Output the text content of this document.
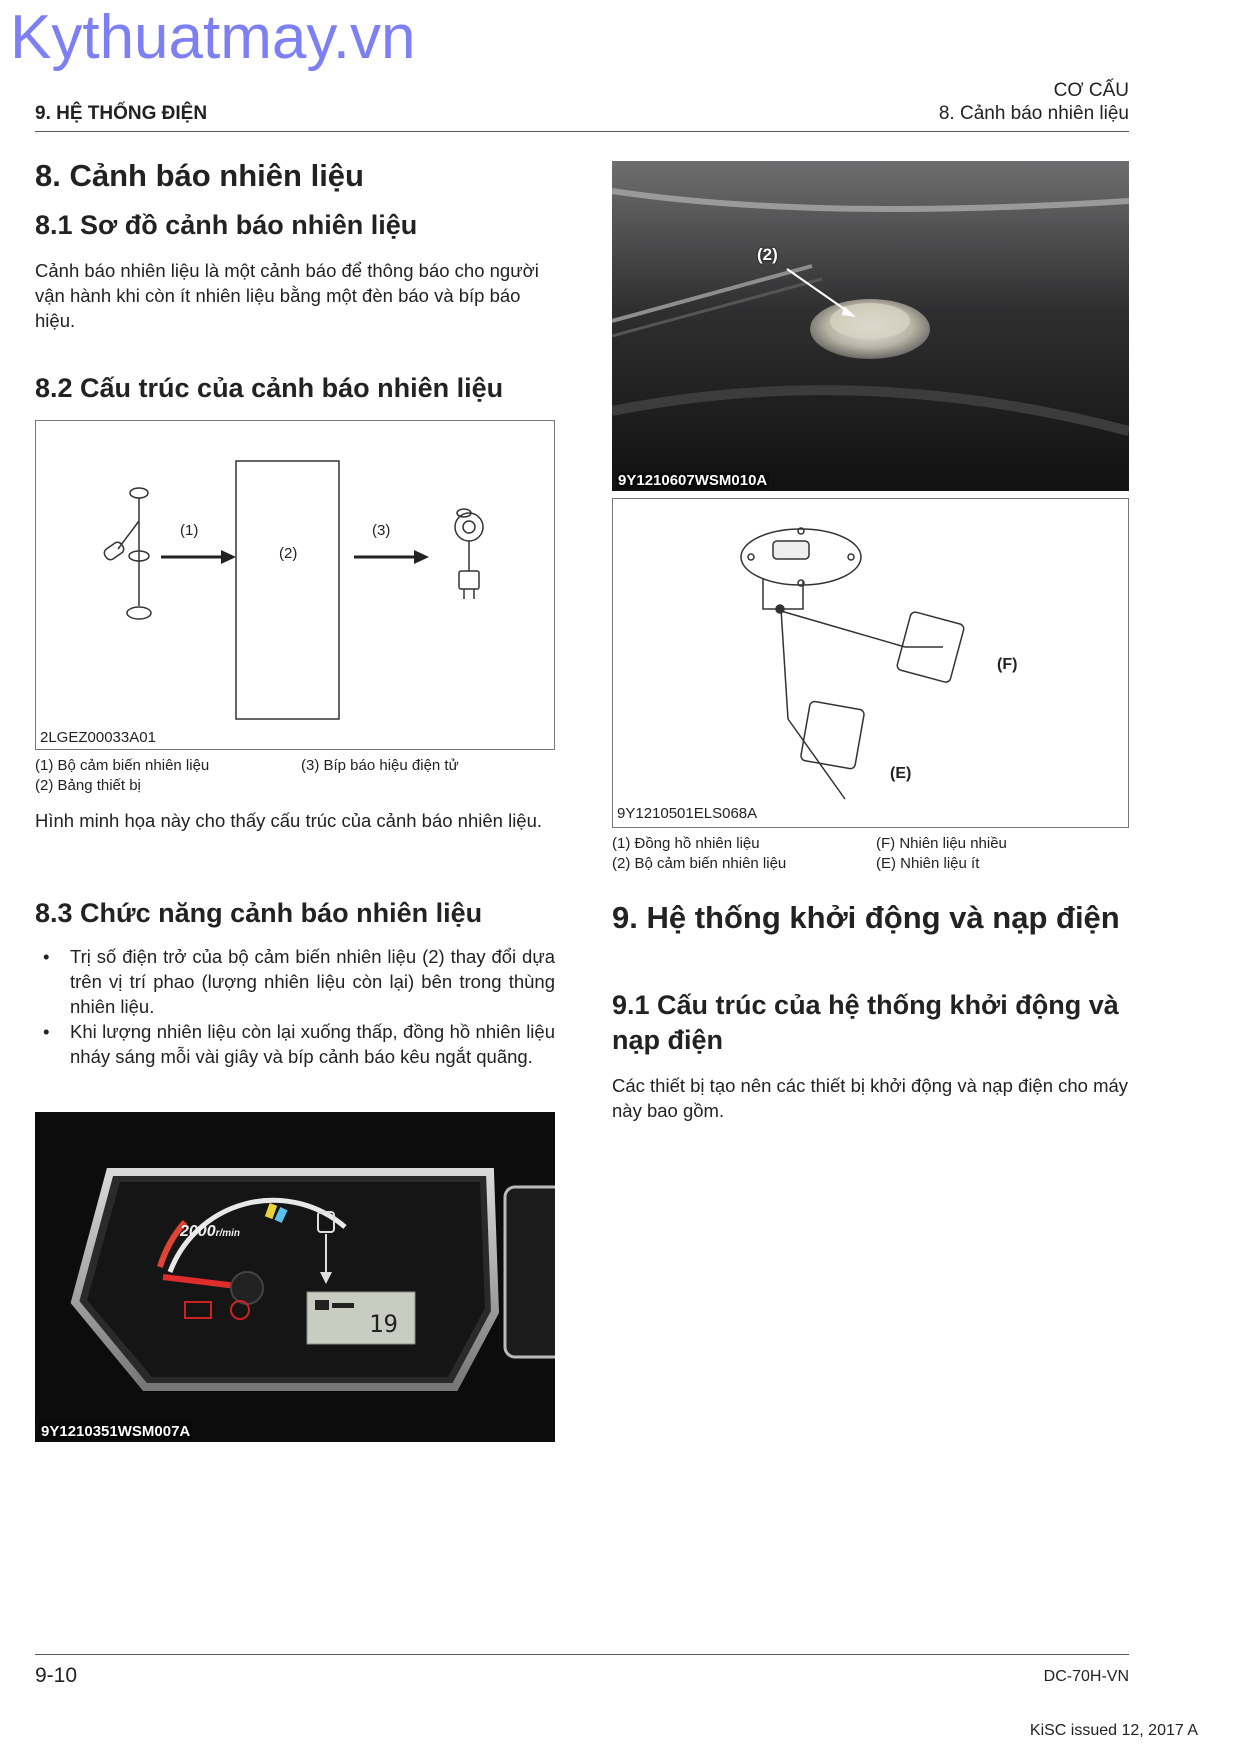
Kythuatmay.vn
9. HỆ THỐNG ĐIỆN
CƠ CẤU
8. Cảnh báo nhiên liệu
8. Cảnh báo nhiên liệu
8.1 Sơ đồ cảnh báo nhiên liệu

Cảnh báo nhiên liệu là một cảnh báo để thông báo cho người vận hành khi còn ít nhiên liệu bằng một đèn báo và bíp báo hiệu.

8.2 Cấu trúc của cảnh báo nhiên liệu
(1)
(2)
(3)
2LGEZ00033A01
(1) Bộ cảm biến nhiên liệu
(2) Bảng thiết bị
(3) Bíp báo hiệu điện tử

Hình minh họa này cho thấy cấu trúc của cảnh báo nhiên liệu.

8.3 Chức năng cảnh báo nhiên liệu
• Trị số điện trở của bộ cảm biến nhiên liệu (2) thay đổi dựa trên vị trí phao (lượng nhiên liệu còn lại) bên trong thùng nhiên liệu.
• Khi lượng nhiên liệu còn lại xuống thấp, đồng hồ nhiên liệu nháy sáng mỗi vài giây và bíp cảnh báo kêu ngắt quãng.
2000r/min
19
9Y1210351WSM007A
(2)
9Y1210607WSM010A
(F)
(E)
9Y1210501ELS068A
(1) Đồng hồ nhiên liệu
(2) Bộ cảm biến nhiên liệu
(F) Nhiên liệu nhiều
(E) Nhiên liệu ít
9. Hệ thống khởi động và nạp điện
9.1 Cấu trúc của hệ thống khởi động và nạp điện

Các thiết bị tạo nên các thiết bị khởi động và nạp điện cho máy này bao gồm.

9-10	DC-70H-VN
KiSC issued 12, 2017 A
